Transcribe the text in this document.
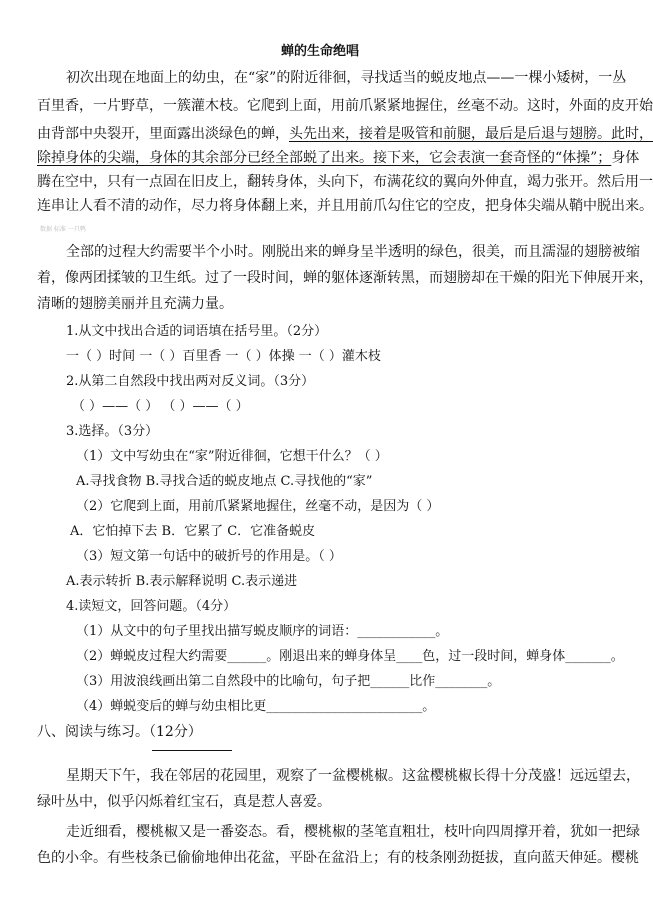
蝉的生命绝唱
初次出现在地面上的幼虫，在“家”的附近徘徊，寻找适当的蜕皮地点——一棵小矮树，一丛
百里香，一片野草，一簇灌木枝。它爬到上面，用前爪紧紧地握住，丝毫不动。这时，外面的皮开始
由背部中央裂开，里面露出淡绿色的蝉，头先出来，接着是吸管和前腿，最后是后退与翅膀。此时，
除掉身体的尖端，身体的其余部分已经全部蜕了出来。接下来，它会表演一套奇怪的“体操”；身体
腾在空中，只有一点固在旧皮上，翻转身体，头向下，布满花纹的翼向外伸直，竭力张开。然后用一
连串让人看不清的动作，尽力将身体翻上来，并且用前爪勾住它的空皮，把身体尖端从鞘中脱出来。
数据 标准 一只鸭
全部的过程大约需要半个小时。刚脱出来的蝉身呈半透明的绿色，很美，而且濡湿的翅膀被缩
着，像两团揉皱的卫生纸。过了一段时间，蝉的躯体逐渐转黑，而翅膀却在干燥的阳光下伸展开来，
清晰的翅膀美丽并且充满力量。
1.从文中找出合适的词语填在括号里。（2分）
一（ ）时间 一（ ）百里香 一（ ）体操 一（ ）灌木枝
2.从第二自然段中找出两对反义词。（3分）
（ ）——（ ） （ ）——（ ）
3.选择。（3分）
（1）文中写幼虫在“家”附近徘徊，它想干什么？（ ）
A.寻找食物 B.寻找合适的蜕皮地点 C.寻找他的“家”
（2）它爬到上面，用前爪紧紧地握住，丝毫不动，是因为（ ）
A．它怕掉下去 B．它累了 C．它准备蜕皮
（3）短文第一句话中的破折号的作用是。（ ）
A.表示转折 B.表示解释说明 C.表示递进
4.读短文，回答问题。（4分）
（1）从文中的句子里找出描写蜕皮顺序的词语：____________。
（2）蝉蜕皮过程大约需要______。刚退出来的蝉身体呈____色，过一段时间，蝉身体_______。
（3）用波浪线画出第二自然段中的比喻句，句子把______比作________。
（4）蝉蜕变后的蝉与幼虫相比更________________________。
八、阅读与练习。（12分）
星期天下午，我在邻居的花园里，观察了一盆樱桃椒。这盆樱桃椒长得十分茂盛！远远望去，
绿叶丛中，似乎闪烁着红宝石，真是惹人喜爱。
走近细看，樱桃椒又是一番姿态。看，樱桃椒的茎笔直粗壮，枝叶向四周撑开着，犹如一把绿
色的小伞。有些枝条已偷偷地伸出花盆，平卧在盆沿上；有的枝条刚劲挺拔，直向蓝天伸延。樱桃
